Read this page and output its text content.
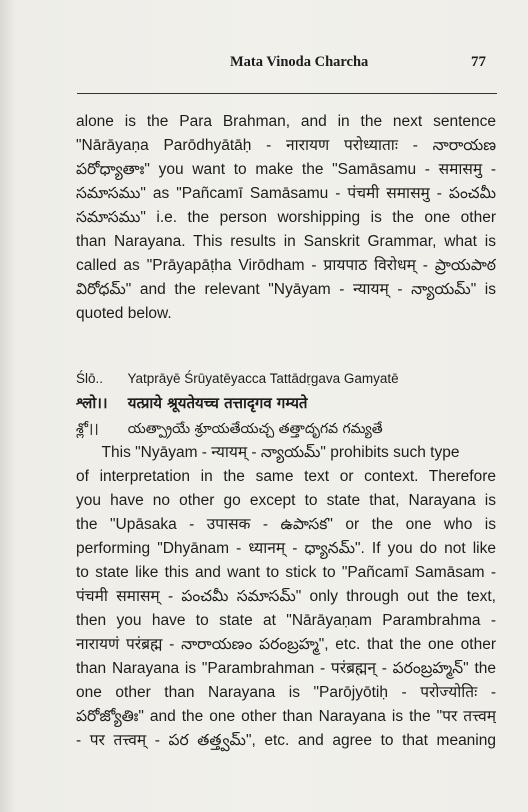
Mata Vinoda Charcha	77

alone is the Para Brahman, and in the next sentence

"Nārāyaṇa Parōdhyātāḥ - नारायण परोध्याताः - నారాయణ

పరోధ్యాతాః" you want to make the "Samāsamu - समासमु -

సమాసము" as "Pañcamī Samāsamu - पंचमी समासमु - పంచమీ

సమాసము" i.e. the person worshipping is the one other

than Narayana. This results in Sanskrit Grammar, what is

called as "Prāyapāṭha Virōdham - प्रायपाठ विरोधम् - ప్రాయపాఠ

విరోధమ్" and the relevant "Nyāyam - न्यायम् - న్యాయమ్" is

quoted below.

Ślō.. Yatprāyē Śrūyatēyacca Tattādṛgava Gamyatē
श्लो।। यत्प्राये श्रूयतेयच्च तत्तादृगव गम्यते
శ్లో।। యత్ప్రాయే శ్రూయతేయచ్చ తత్తాదృగవ గమ్యతే

This "Nyāyam - न्यायम् - న్యాయమ్" prohibits such type

of interpretation in the same text or context. Therefore

you have no other go except to state that, Narayana is

the "Upāsaka - उपासक - ఉపాసక" or the one who is

performing "Dhyānam - ध्यानम् - ధ్యానమ్". If you do not like

to state like this and want to stick to "Pañcamī Samāsam -

पंचमी समासम् - పంచమీ సమాసమ్" only through out the text,

then you have to state at "Nārāyaṇam Parambrahma -

नारायणं परंब्रह्म - నారాయణం పరంబ్రహ్మ", etc. that the one other

than Narayana is "Parambrahman - परंब्रह्मन् - పరంబ్రహ్మన్" the

one other than Narayana is "Parōjyōtiḥ - परोज्योतिः -

పరోజ్యోతిః" and the one other than Narayana is the "पर तत्त्वम्

- पर तत्त्वम् - పర తత్త్వమ్", etc. and agree to that meaning
